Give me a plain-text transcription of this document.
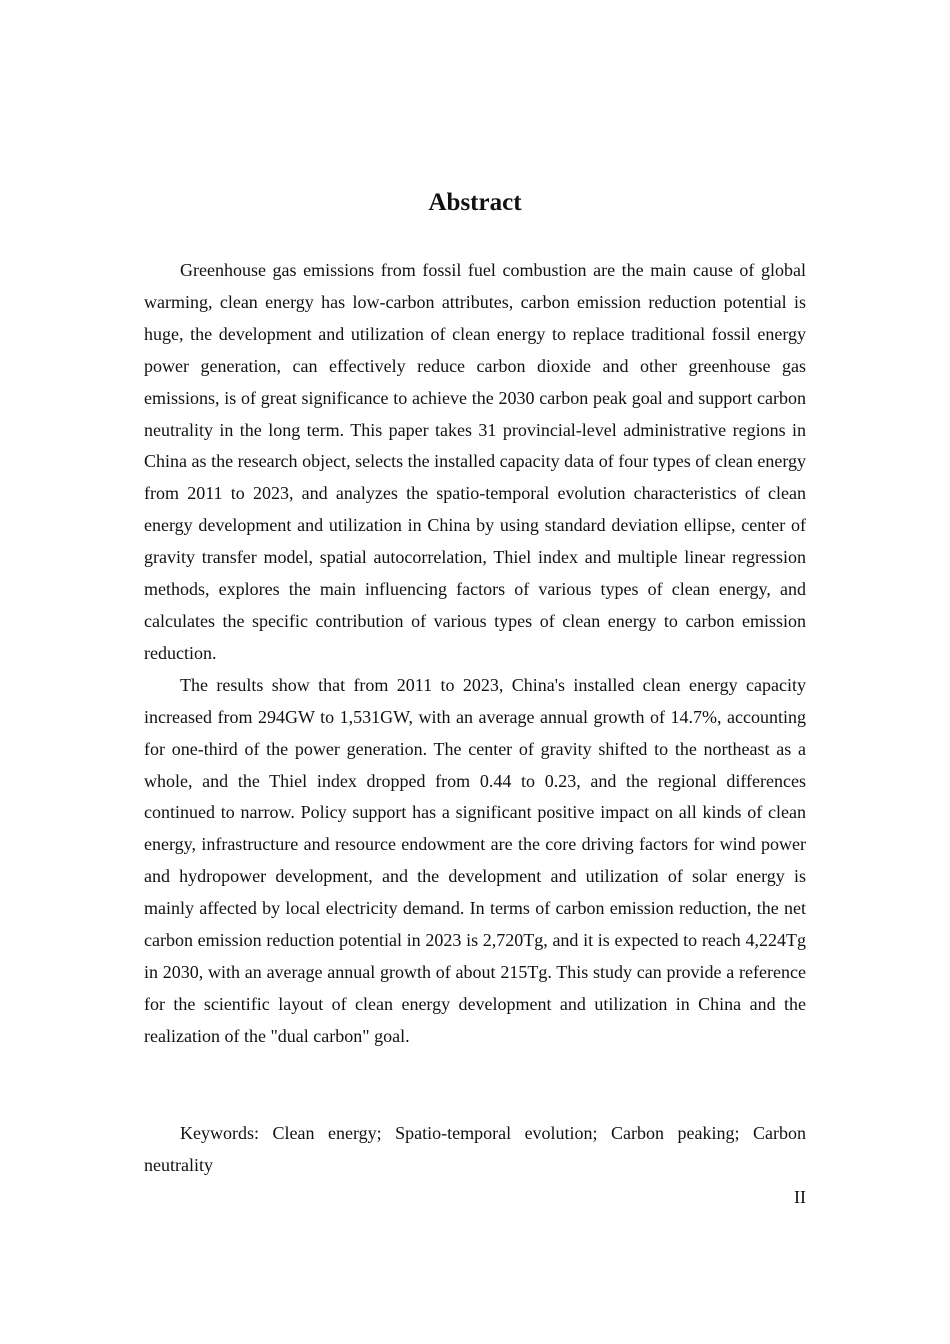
Abstract

Greenhouse gas emissions from fossil fuel combustion are the main cause of global warming, clean energy has low-carbon attributes, carbon emission reduction potential is huge, the development and utilization of clean energy to replace traditional fossil energy power generation, can effectively reduce carbon dioxide and other greenhouse gas emissions, is of great significance to achieve the 2030 carbon peak goal and support carbon neutrality in the long term. This paper takes 31 provincial-level administrative regions in China as the research object, selects the installed capacity data of four types of clean energy from 2011 to 2023, and analyzes the spatio-temporal evolution characteristics of clean energy development and utilization in China by using standard deviation ellipse, center of gravity transfer model, spatial autocorrelation, Thiel index and multiple linear regression methods, explores the main influencing factors of various types of clean energy, and calculates the specific contribution of various types of clean energy to carbon emission reduction.

The results show that from 2011 to 2023, China's installed clean energy capacity increased from 294GW to 1,531GW, with an average annual growth of 14.7%, accounting for one-third of the power generation. The center of gravity shifted to the northeast as a whole, and the Thiel index dropped from 0.44 to 0.23, and the regional differences continued to narrow. Policy support has a significant positive impact on all kinds of clean energy, infrastructure and resource endowment are the core driving factors for wind power and hydropower development, and the development and utilization of solar energy is mainly affected by local electricity demand. In terms of carbon emission reduction, the net carbon emission reduction potential in 2023 is 2,720Tg, and it is expected to reach 4,224Tg in 2030, with an average annual growth of about 215Tg. This study can provide a reference for the scientific layout of clean energy development and utilization in China and the realization of the "dual carbon" goal.

Keywords: Clean energy; Spatio-temporal evolution; Carbon peaking; Carbon neutrality

II
